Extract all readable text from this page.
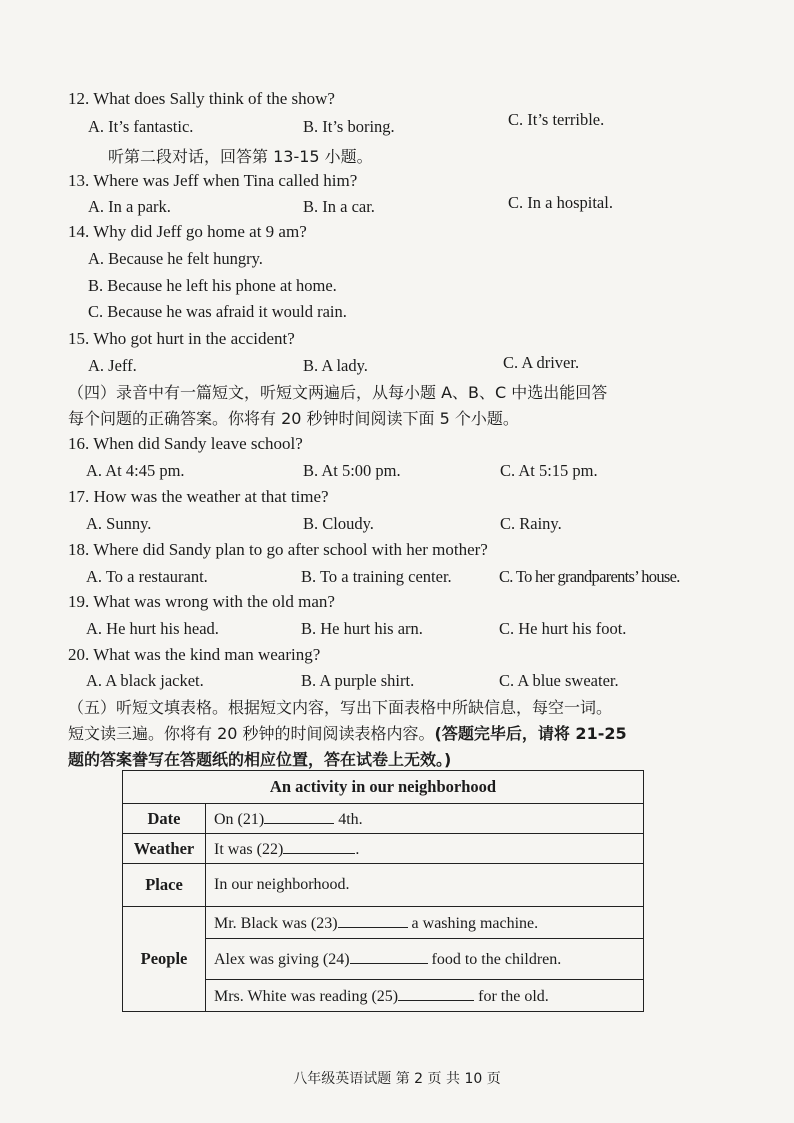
12. What does Sally think of the show?
A. It’s fantastic.	B. It’s boring.	C. It’s terrible.
听第二段对话，回答第 13-15 小题。
13. Where was Jeff when Tina called him?
A. In a park.	B. In a car.	C. In a hospital.
14. Why did Jeff go home at 9 am?
A. Because he felt hungry.
B. Because he left his phone at home.
C. Because he was afraid it would rain.
15. Who got hurt in the accident?
A. Jeff.	B. A lady.	C. A driver.
（四）录音中有一篇短文，听短文两遍后，从每小题 A、B、C 中选出能回答
每个问题的正确答案。你将有 20 秒钟时间阅读下面 5 个小题。
16. When did Sandy leave school?
A. At 4:45 pm.	B. At 5:00 pm.	C. At 5:15 pm.
17. How was the weather at that time?
A. Sunny.	B. Cloudy.	C. Rainy.
18. Where did Sandy plan to go after school with her mother?
A. To a restaurant.	B. To a training center.	C. To her grandparents’ house.
19. What was wrong with the old man?
A. He hurt his head.	B. He hurt his arn.	C. He hurt his foot.
20. What was the kind man wearing?
A. A black jacket.	B. A purple shirt.	C. A blue sweater.
（五）听短文填表格。根据短文内容，写出下面表格中所缺信息，每空一词。
短文读三遍。你将有 20 秒钟的时间阅读表格内容。(答题完毕后，请将 21-25
题的答案誊写在答题纸的相应位置，答在试卷上无效。)
An activity in our neighborhood	
Date	On (21) 4th.
Weather	It was (22) .
Place	In our neighborhood.
People	Mr. Black was (23) a washing machine.
	Alex was giving (24) food to the children.
	Mrs. White was reading (25) for the old.
八年级英语试题 第 2 页 共 10 页
